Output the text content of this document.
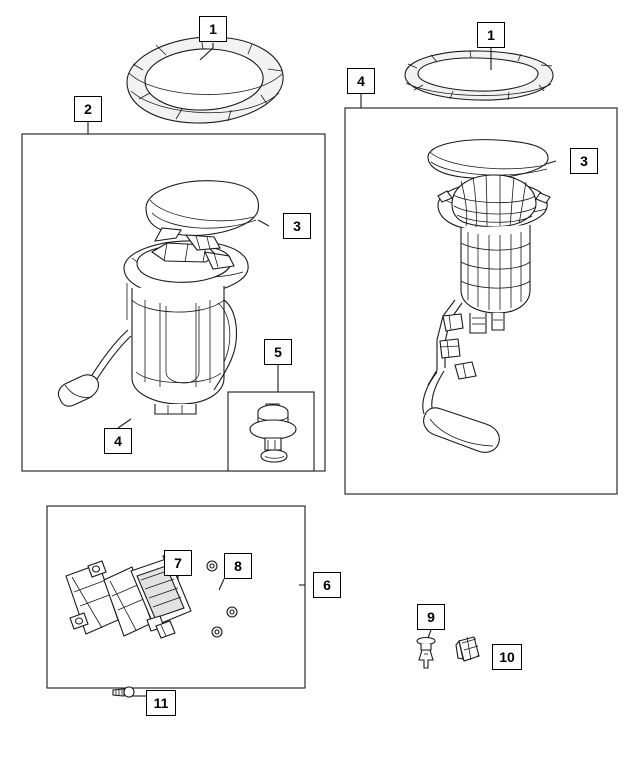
1	1
2
4
3
3
5
4
7	8
6
9
10
11
